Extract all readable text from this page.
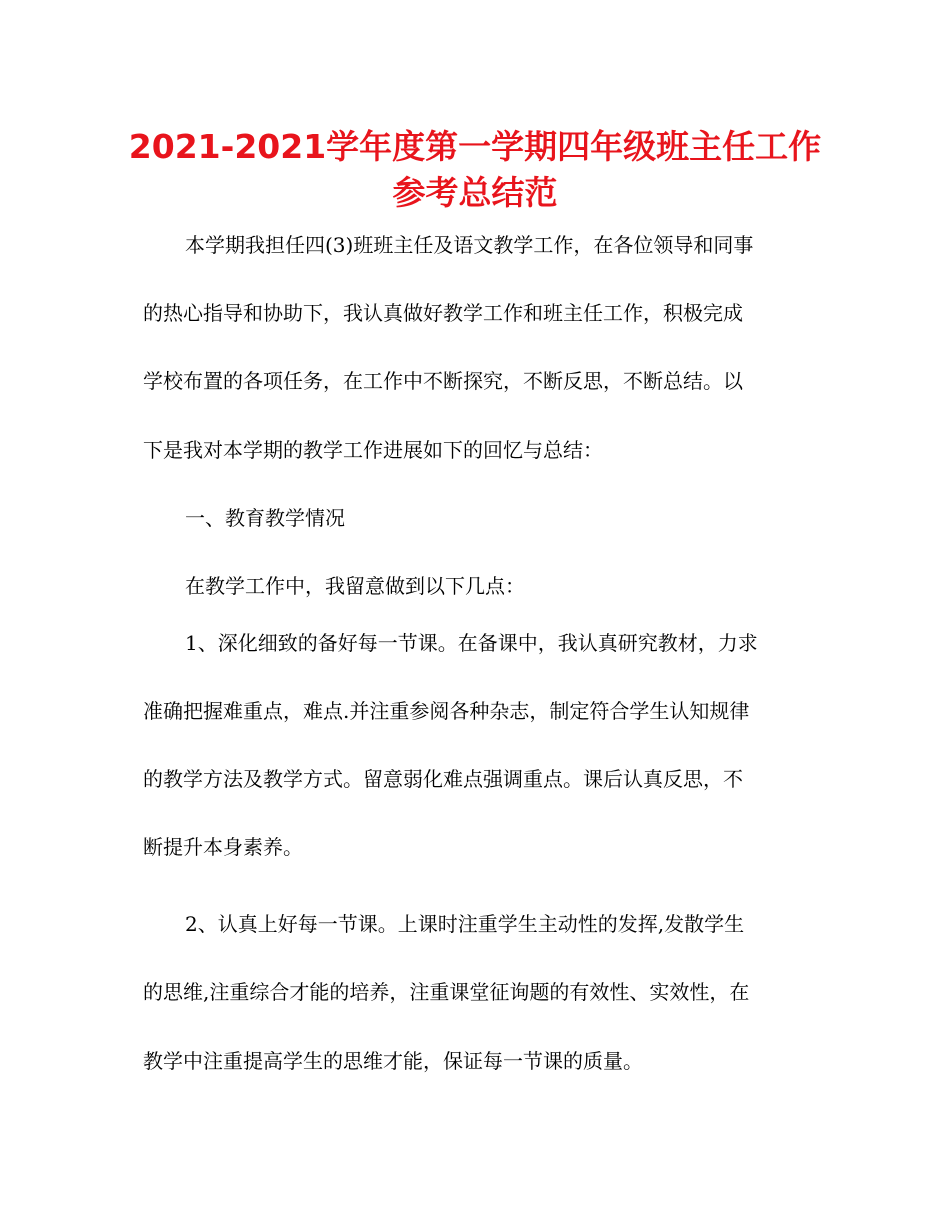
2021-2021学年度第一学期四年级班主任工作
参考总结范
本学期我担任四(3)班班主任及语文教学工作，在各位领导和同事
的热心指导和协助下，我认真做好教学工作和班主任工作，积极完成
学校布置的各项任务，在工作中不断探究，不断反思，不断总结。以
下是我对本学期的教学工作进展如下的回忆与总结：
一、教育教学情况
在教学工作中，我留意做到以下几点：
1、深化细致的备好每一节课。在备课中，我认真研究教材，力求
准确把握难重点，难点.并注重参阅各种杂志，制定符合学生认知规律
的教学方法及教学方式。留意弱化难点强调重点。课后认真反思，不
断提升本身素养。
2、认真上好每一节课。上课时注重学生主动性的发挥,发散学生
的思维,注重综合才能的培养，注重课堂征询题的有效性、实效性，在
教学中注重提高学生的思维才能，保证每一节课的质量。
